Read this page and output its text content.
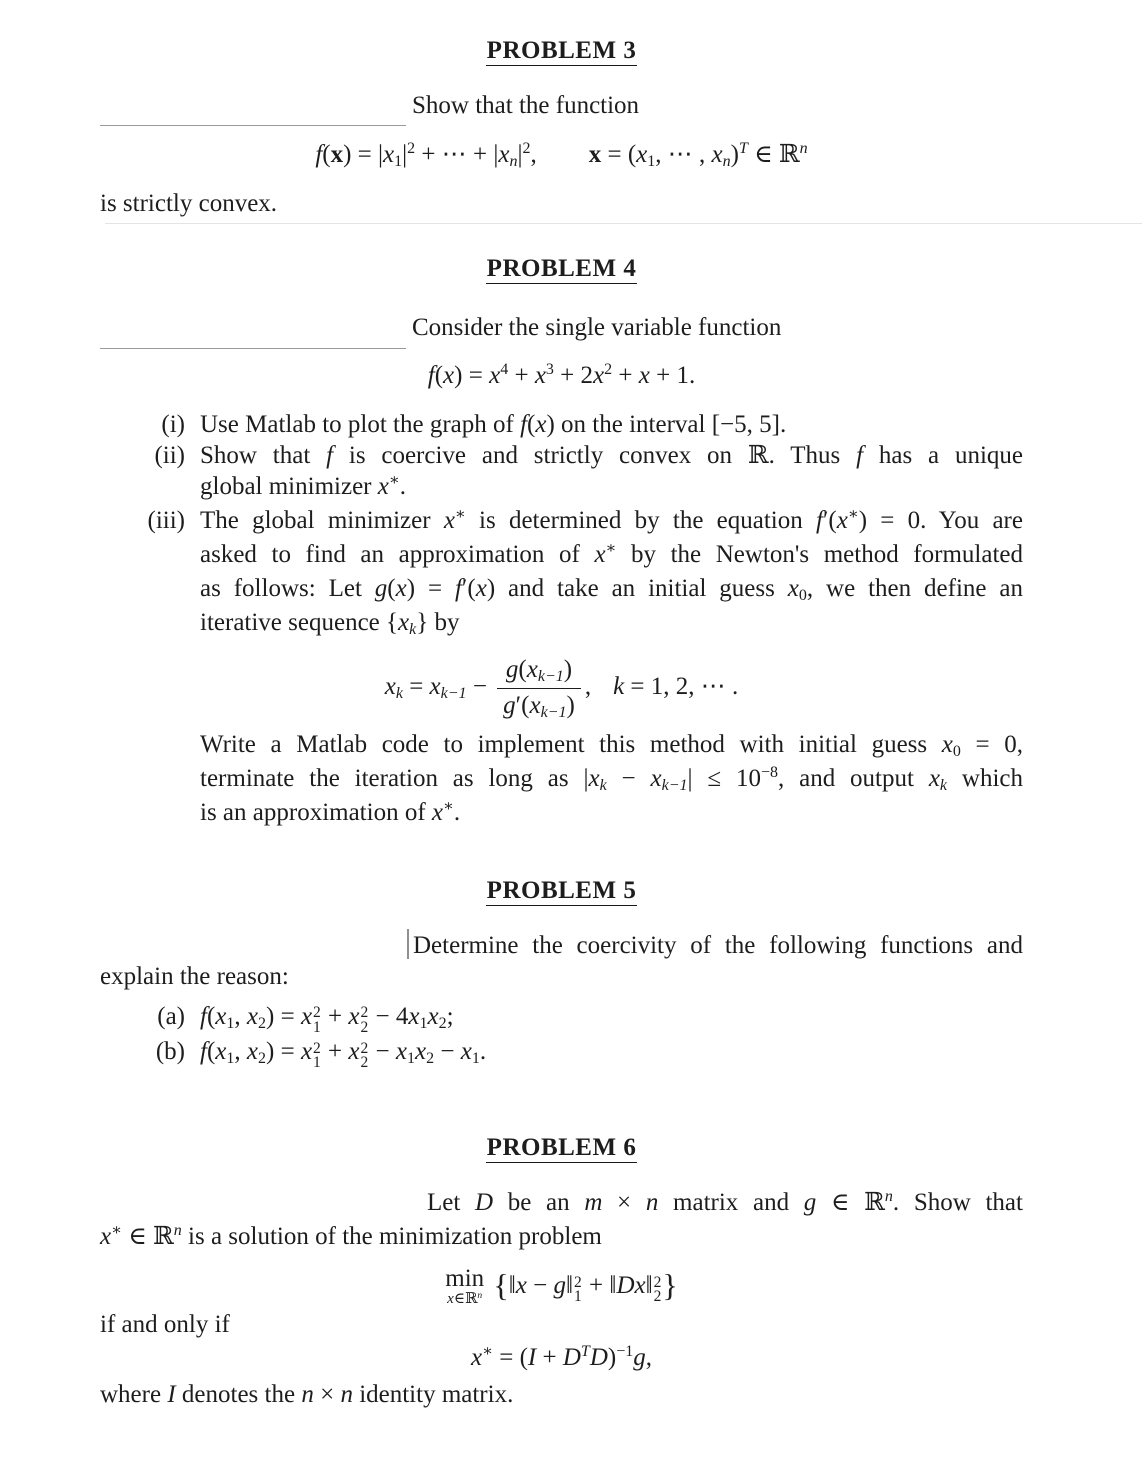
PROBLEM 3
Show that the function
$f(x) = |x1|^2$ + ⋯ + $|xn|^2$, x = (x1, ⋯ , xn)$^T$ ∈ ℝ$^n$
is strictly convex.
PROBLEM 4
Consider the single variable function
$f(x) = x^4 + x^3 + 2x^2 + x + 1$.
(i) Use Matlab to plot the graph of f(x) on the interval [−5, 5].
(ii) Show that f is coercive and strictly convex on ℝ. Thus f has a unique
global minimizer x∗.
(iii) The global minimizer x∗ is determined by the equation f′(x∗) = 0. You are
asked to find an approximation of x∗ by the Newton's method formulated
as follows: Let g(x) = f′(x) and take an initial guess x0, we then define an
iterative sequence {xk} by
xk = $xk-1 - \frac{g(xk-1)}{g'(xk-1)}$ , k = 1, 2, ⋯ .
Write a Matlab code to implement this method with initial guess x0 = 0,
terminate the iteration as long as $|xk - xk-1| \le 10^{-8}$, and output xk which
is an approximation of x∗.
PROBLEM 5
Determine the coercivity of the following functions and
explain the reason:
(a) f(x1, x2) = x 2
1 + x 2
2 − 4x1x2;
(b) f(x1, x2) = x 2
1 + x 2
2 − x1x2 − x1.
PROBLEM 6
Let D be an m × n matrix and g ∈ ℝ$^n$. Show that
x∗ ∈ ℝ$^n$ is a solution of the minimization problem
min
x∈ℝ$^n$ {‖x − g‖ 2
1 + ‖Dx‖ 2
2 }
if and only if
$x^∗ = (I + D^TD)^{-1}g$,
where I denotes the n × n identity matrix.
